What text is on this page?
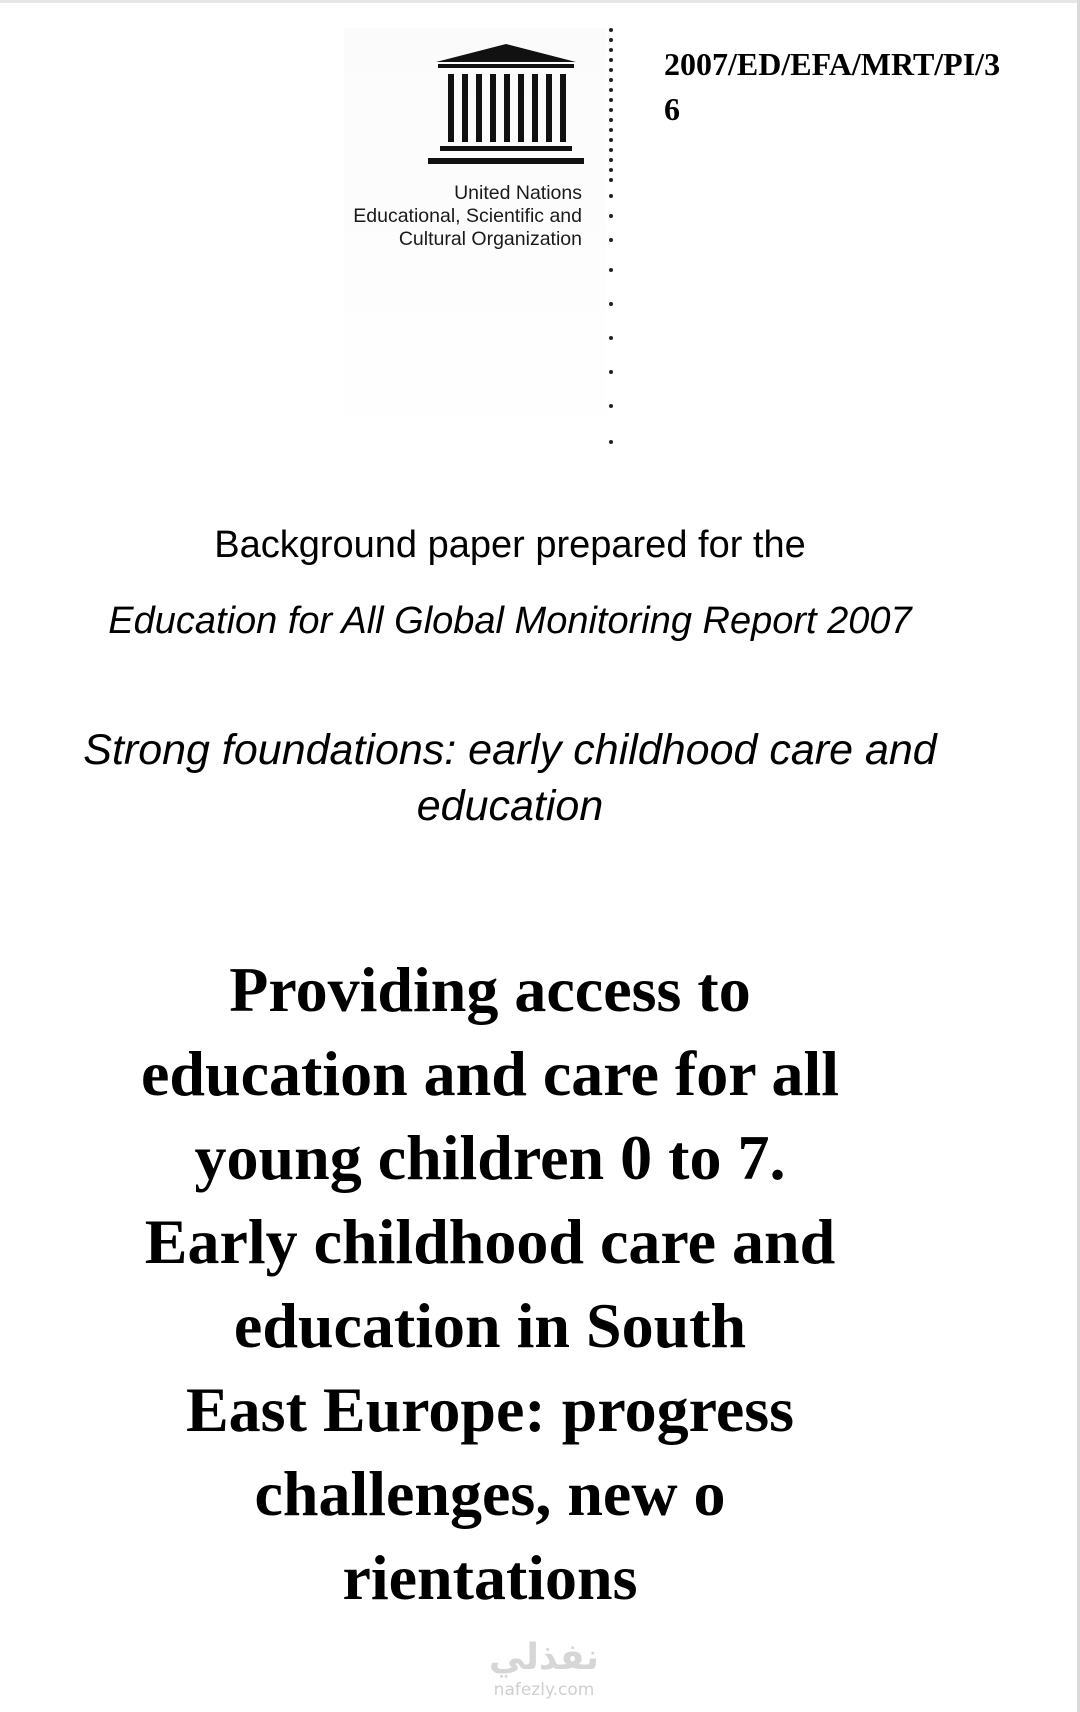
United Nations
Educational, Scientific and
Cultural Organization
2007/ED/EFA/MRT/PI/36
Background paper prepared for the
Education for All Global Monitoring Report 2007
Strong foundations: early childhood care and education
Providing access to
education and care for all
young children 0 to 7.
Early childhood care and
education in South
East Europe: progress
challenges, new o
rientations
نفذلي
nafezly.com
